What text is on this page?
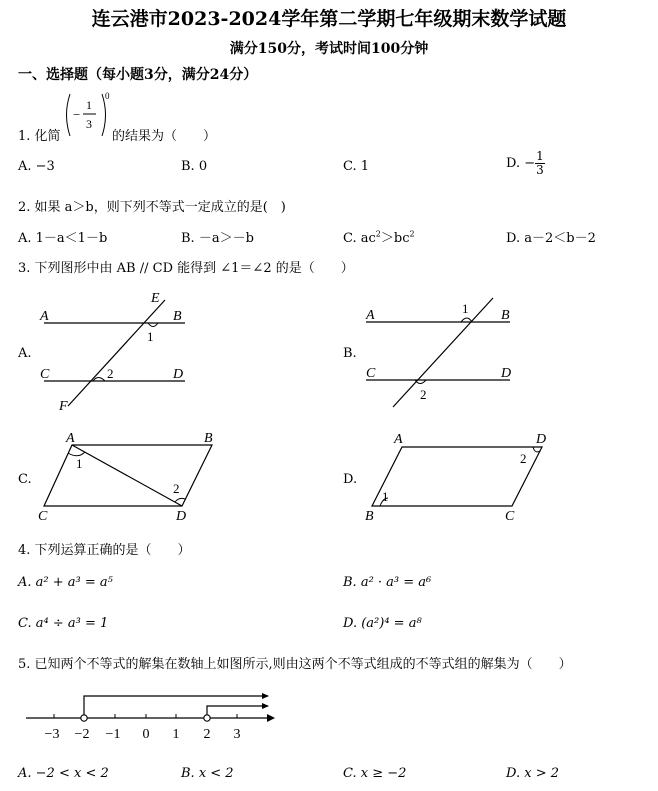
连云港市2023-2024学年第二学期七年级期末数学试题
满分150分，考试时间100分钟
一、选择题（每小题3分，满分24分）
1. 化简
−
1
3
0
的结果为（　　）
A. −3	B. 0	C. 1	D. − $\frac{1}{3}$
2. 如果 a＞b，则下列不等式一定成立的是(　)
A. 1－a＜1－b	B. －a＞－b	C. $ac^2>bc^2$	D. a－2＜b－2
3. 下列图形中由 AB // CD 能得到 ∠1＝∠2 的是（　　）
A.
A	B
C	D
E
F
1
2
B.
A	B
C	D
1
2
C.
A	B
C	D
1
2
D.
A	D
B	C
1
2
4. 下列运算正确的是（　　）
A. a² + a³ = a⁵	B. a² · a³ = a⁶
C. a⁴ ÷ a³ = 1	D. (a²)⁴ = a⁸
5. 已知两个不等式的解集在数轴上如图所示,则由这两个不等式组成的不等式组的解集为（　　）
−3 −2 −1 0 1 2 3
A. −2 < x < 2	B. x < 2	C. x ≥ −2	D. x > 2
